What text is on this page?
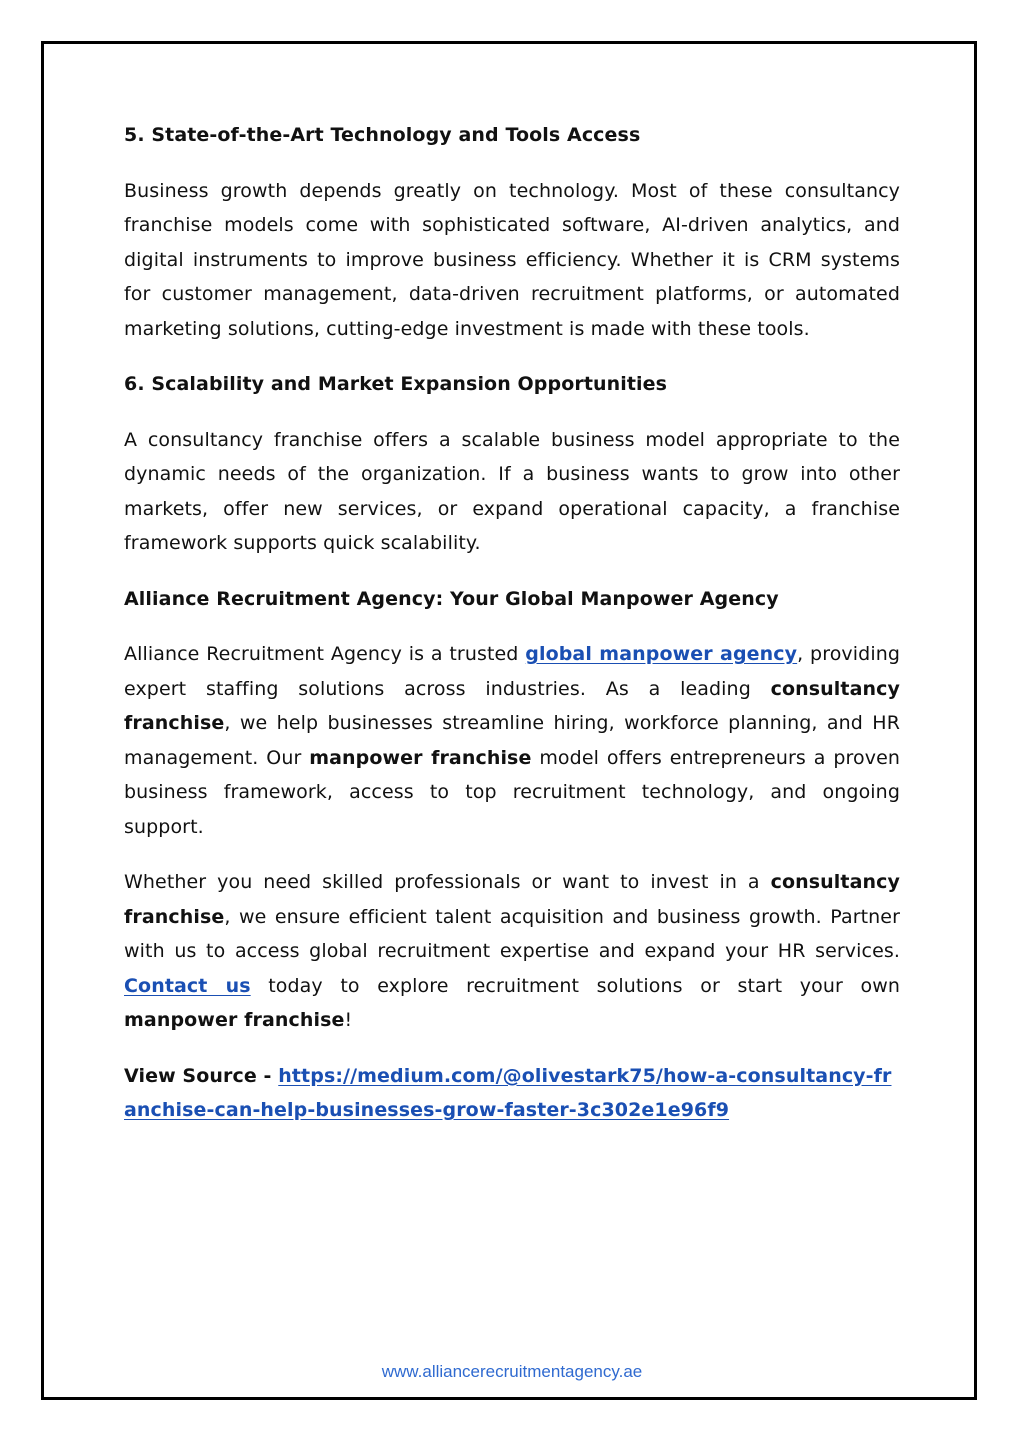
5. State-of-the-Art Technology and Tools Access

Business growth depends greatly on technology. Most of these consultancy franchise models come with sophisticated software, AI-driven analytics, and digital instruments to improve business efficiency. Whether it is CRM systems for customer management, data-driven recruitment platforms, or automated marketing solutions, cutting-edge investment is made with these tools.

6. Scalability and Market Expansion Opportunities

A consultancy franchise offers a scalable business model appropriate to the dynamic needs of the organization. If a business wants to grow into other markets, offer new services, or expand operational capacity, a franchise framework supports quick scalability.

Alliance Recruitment Agency: Your Global Manpower Agency

Alliance Recruitment Agency is a trusted global manpower agency, providing expert staffing solutions across industries. As a leading consultancy franchise, we help businesses streamline hiring, workforce planning, and HR management. Our manpower franchise model offers entrepreneurs a proven business framework, access to top recruitment technology, and ongoing support.

Whether you need skilled professionals or want to invest in a consultancy franchise, we ensure efficient talent acquisition and business growth. Partner with us to access global recruitment expertise and expand your HR services. Contact us today to explore recruitment solutions or start your own manpower franchise!

View Source - https://medium.com/@olivestark75/how-a-consultancy-franchise-can-help-businesses-grow-faster-3c302e1e96f9

www.alliancerecruitmentagency.ae
